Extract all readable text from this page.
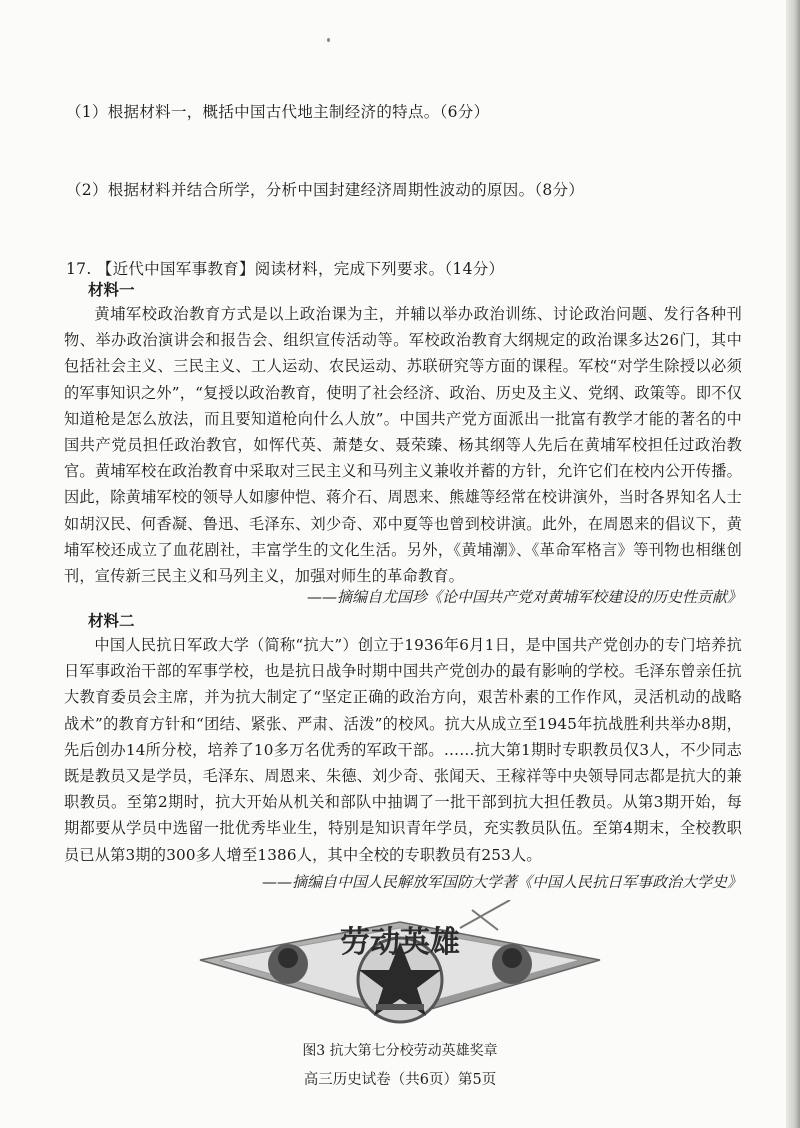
（1）根据材料一，概括中国古代地主制经济的特点。（6分）
（2）根据材料并结合所学，分析中国封建经济周期性波动的原因。（8分）
17. 【近代中国军事教育】阅读材料，完成下列要求。（14分）
材料一

黄埔军校政治教育方式是以上政治课为主，并辅以举办政治训练、讨论政治问题、发行各种刊物、举办政治演讲会和报告会、组织宣传活动等。军校政治教育大纲规定的政治课多达26门，其中包括社会主义、三民主义、工人运动、农民运动、苏联研究等方面的课程。军校“对学生除授以必须的军事知识之外”，“复授以政治教育，使明了社会经济、政治、历史及主义、党纲、政策等。即不仅知道枪是怎么放法，而且要知道枪向什么人放”。中国共产党方面派出一批富有教学才能的著名的中国共产党员担任政治教官，如恽代英、萧楚女、聂荣臻、杨其纲等人先后在黄埔军校担任过政治教官。黄埔军校在政治教育中采取对三民主义和马列主义兼收并蓄的方针，允许它们在校内公开传播。因此，除黄埔军校的领导人如廖仲恺、蒋介石、周恩来、熊雄等经常在校讲演外，当时各界知名人士如胡汉民、何香凝、鲁迅、毛泽东、刘少奇、邓中夏等也曾到校讲演。此外，在周恩来的倡议下，黄埔军校还成立了血花剧社，丰富学生的文化生活。另外，《黄埔潮》、《革命军格言》等刊物也相继创刊，宣传新三民主义和马列主义，加强对师生的革命教育。

——摘编自尤国珍《论中国共产党对黄埔军校建设的历史性贡献》
材料二

中国人民抗日军政大学（简称“抗大”）创立于1936年6月1日，是中国共产党创办的专门培养抗日军事政治干部的军事学校，也是抗日战争时期中国共产党创办的最有影响的学校。毛泽东曾亲任抗大教育委员会主席，并为抗大制定了“坚定正确的政治方向，艰苦朴素的工作作风，灵活机动的战略战术”的教育方针和“团结、紧张、严肃、活泼”的校风。抗大从成立至1945年抗战胜利共举办8期，先后创办14所分校，培养了10多万名优秀的军政干部。……抗大第1期时专职教员仅3人，不少同志既是教员又是学员，毛泽东、周恩来、朱德、刘少奇、张闻天、王稼祥等中央领导同志都是抗大的兼职教员。至第2期时，抗大开始从机关和部队中抽调了一批干部到抗大担任教员。从第3期开始，每期都要从学员中选留一批优秀毕业生，特别是知识青年学员，充实教员队伍。至第4期末，全校教职员已从第3期的300多人增至1386人，其中全校的专职教员有253人。

——摘编自中国人民解放军国防大学著《中国人民抗日军事政治大学史》
劳动英雄
图3 抗大第七分校劳动英雄奖章
高三历史试卷（共6页）第5页
